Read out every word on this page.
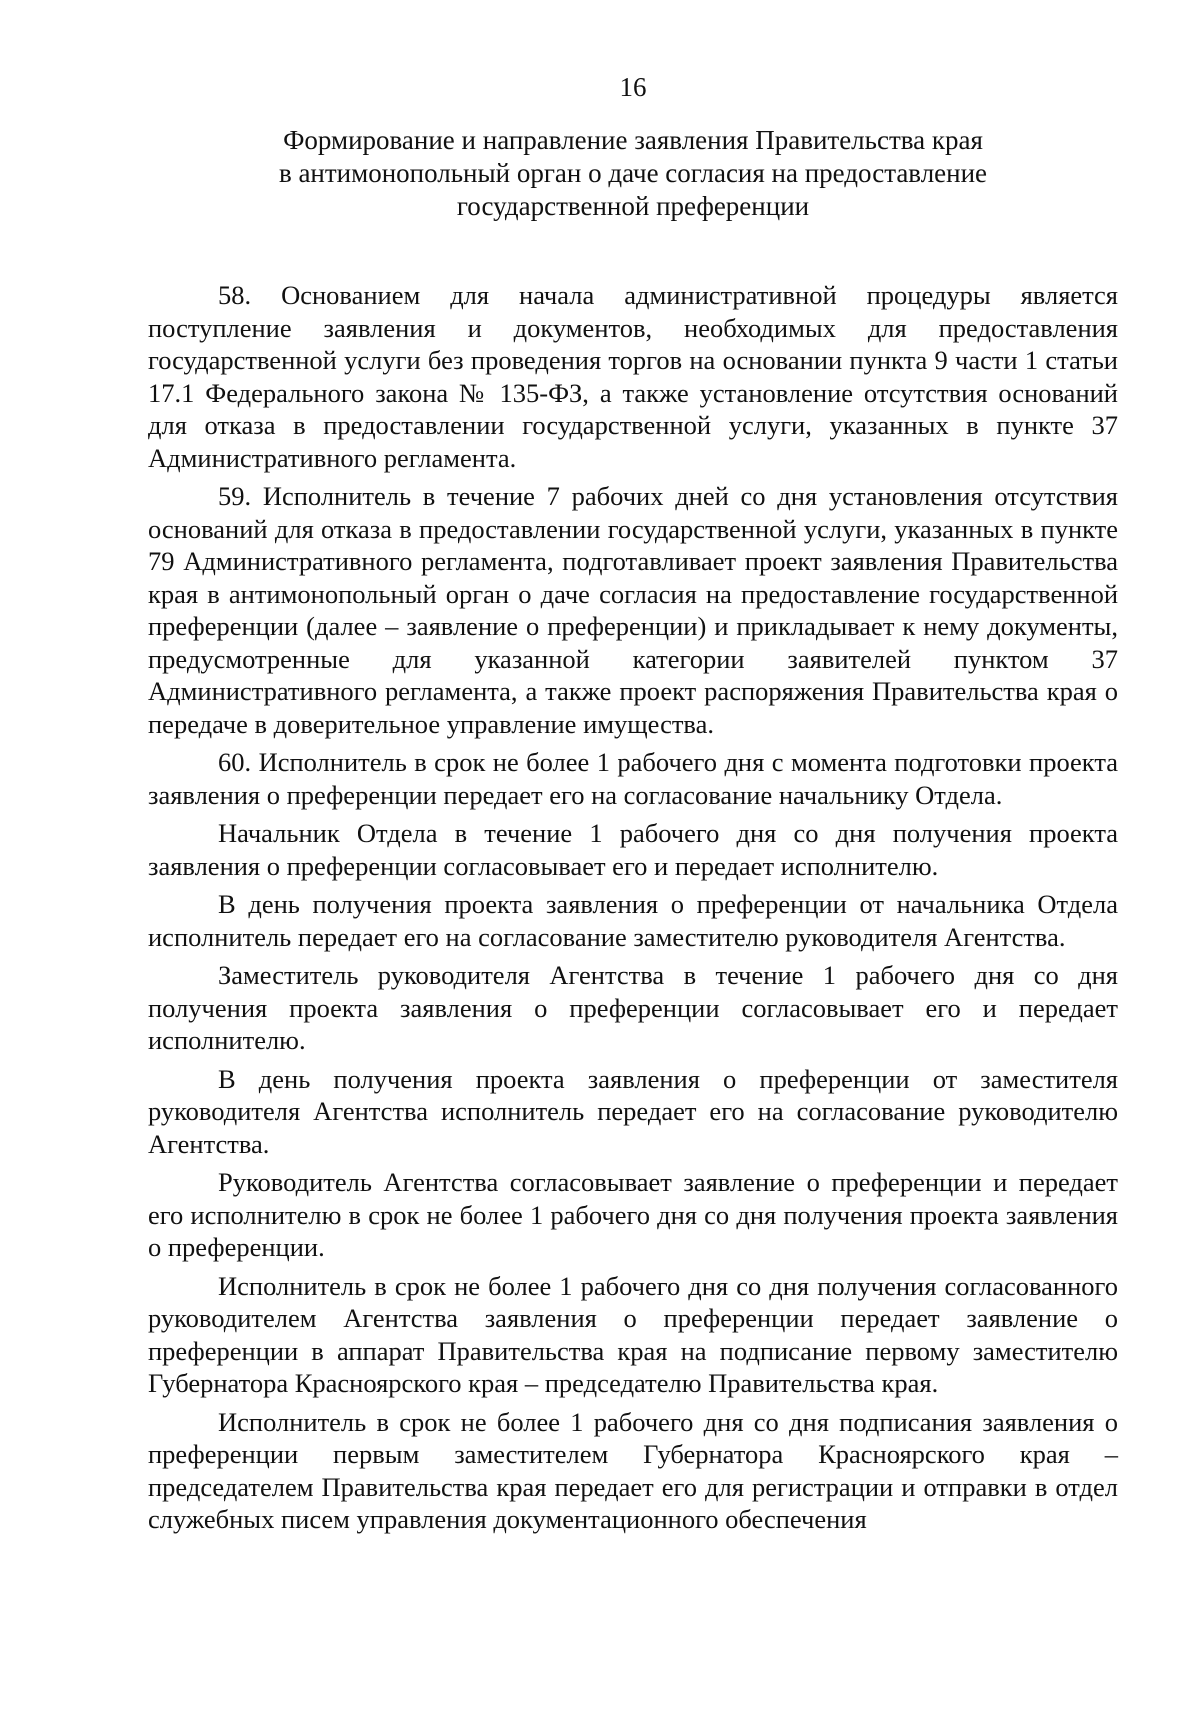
16
Формирование и направление заявления Правительства края
в антимонопольный орган о даче согласия на предоставление
государственной преференции

58. Основанием для начала административной процедуры является поступление заявления и документов, необходимых для предоставления государственной услуги без проведения торгов на основании пункта 9 части 1 статьи 17.1 Федерального закона № 135-ФЗ, а также установление отсутствия оснований для отказа в предоставлении государственной услуги, указанных в пункте 37 Административного регламента.

59. Исполнитель в течение 7 рабочих дней со дня установления отсутствия оснований для отказа в предоставлении государственной услуги, указанных в пункте 79 Административного регламента, подготавливает проект заявления Правительства края в антимонопольный орган о даче согласия на предоставление государственной преференции (далее – заявление о преференции) и прикладывает к нему документы, предусмотренные для указанной категории заявителей пунктом 37 Административного регламента, а также проект распоряжения Правительства края о передаче в доверительное управление имущества.

60. Исполнитель в срок не более 1 рабочего дня с момента подготовки проекта заявления о преференции передает его на согласование начальнику Отдела.

Начальник Отдела в течение 1 рабочего дня со дня получения проекта заявления о преференции согласовывает его и передает исполнителю.

В день получения проекта заявления о преференции от начальника Отдела исполнитель передает его на согласование заместителю руководителя Агентства.

Заместитель руководителя Агентства в течение 1 рабочего дня со дня получения проекта заявления о преференции согласовывает его и передает исполнителю.

В день получения проекта заявления о преференции от заместителя руководителя Агентства исполнитель передает его на согласование руководителю Агентства.

Руководитель Агентства согласовывает заявление о преференции и передает его исполнителю в срок не более 1 рабочего дня со дня получения проекта заявления о преференции.

Исполнитель в срок не более 1 рабочего дня со дня получения согласованного руководителем Агентства заявления о преференции передает заявление о преференции в аппарат Правительства края на подписание первому заместителю Губернатора Красноярского края – председателю Правительства края.

Исполнитель в срок не более 1 рабочего дня со дня подписания заявления о преференции первым заместителем Губернатора Красноярского края – председателем Правительства края передает его для регистрации и отправки в отдел служебных писем управления документационного обеспечения
